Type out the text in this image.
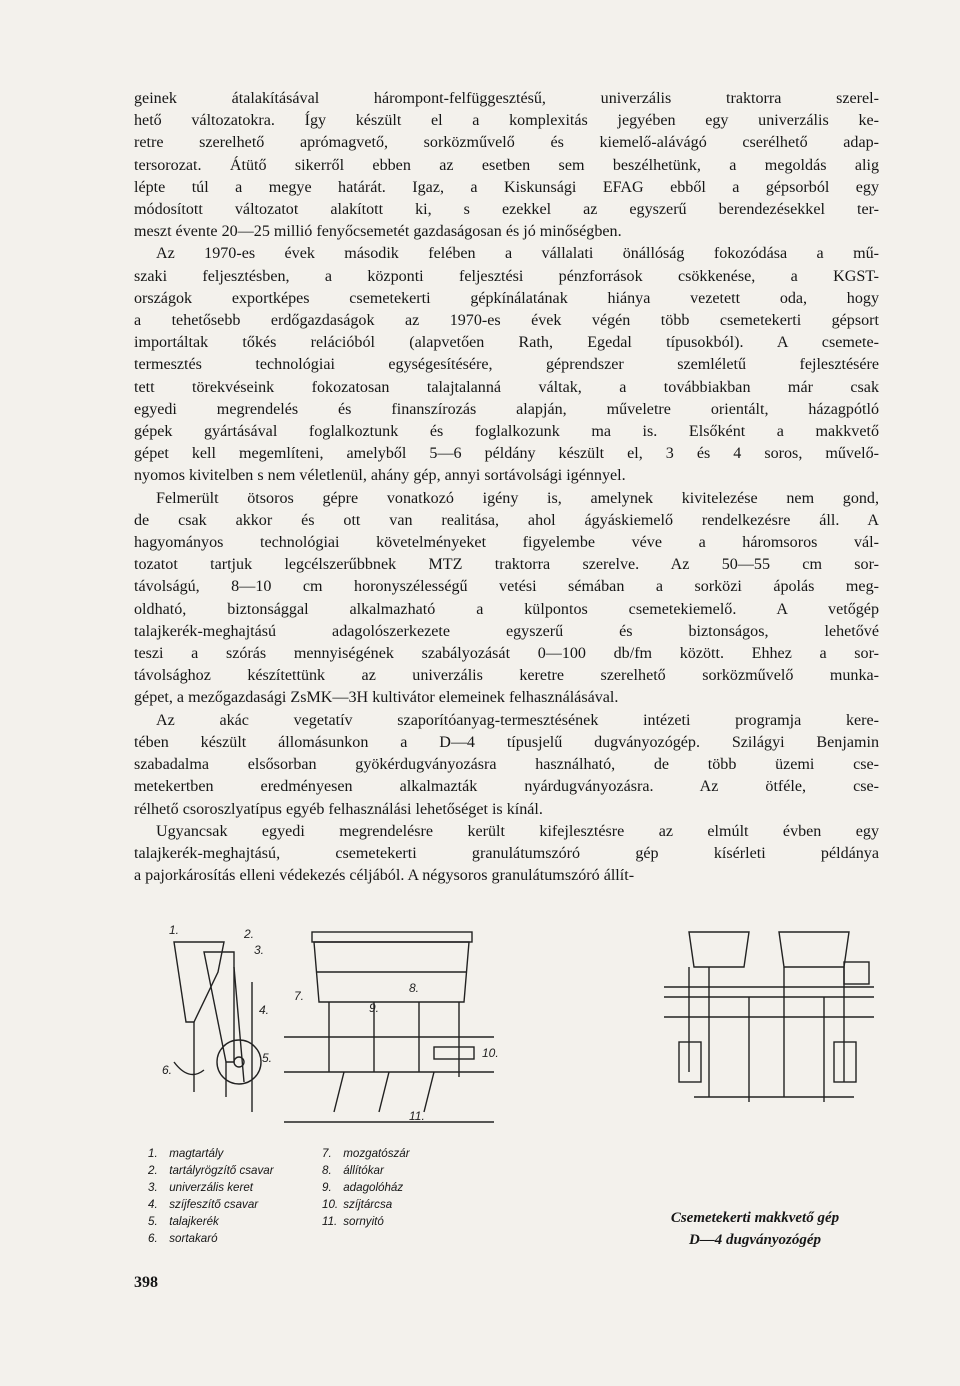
geinek átalakításával hárompont-felfüggesztésű, univerzális traktorra szerel-
hető változatokra. Így készült el a komplexitás jegyében egy univerzális ke-
retre szerelhető aprómagvető, sorközművelő és kiemelő-alávágó cserélhető adap-
tersorozat. Átütő sikerről ebben az esetben sem beszélhetünk, a megoldás alig
lépte túl a megye határát. Igaz, a Kiskunsági EFAG ebből a gépsorból egy
módosított változatot alakított ki, s ezekkel az egyszerű berendezésekkel ter-
meszt évente 20—25 millió fenyőcsemetét gazdaságosan és jó minőségben.
Az 1970-es évek második felében a vállalati önállóság fokozódása a mű-
szaki feljesztésben, a központi feljesztési pénzforrások csökkenése, a KGST-
országok exportképes csemetekerti gépkínálatának hiánya vezetett oda, hogy
a tehetősebb erdőgazdaságok az 1970-es évek végén több csemetekerti gépsort
importáltak tőkés relációból (alapvetően Rath, Egedal típusokból). A csemete-
termesztés technológiai egységesítésére, géprendszer szemléletű fejlesztésére
tett törekvéseink fokozatosan talajtalanná váltak, a továbbiakban már csak
egyedi megrendelés és finanszírozás alapján, műveletre orientált, házagpótló
gépek gyártásával foglalkoztunk és foglalkozunk ma is. Elsőként a makkvető
gépet kell megemlíteni, amelyből 5—6 példány készült el, 3 és 4 soros, művelő-
nyomos kivitelben s nem véletlenül, ahány gép, annyi sortávolsági igénnyel.
Felmerült ötsoros gépre vonatkozó igény is, amelynek kivitelezése nem gond,
de csak akkor és ott van realitása, ahol ágyáskiemelő rendelkezésre áll. A
hagyományos technológiai követelményeket figyelembe véve a háromsoros vál-
tozatot tartjuk legcélszerűbbnek MTZ traktorra szerelve. Az 50—55 cm sor-
távolságú, 8—10 cm horonyszélességű vetési sémában a sorközi ápolás meg-
oldható, biztonsággal alkalmazható a külpontos csemetekiemelő. A vetőgép
talajkerék-meghajtású adagolószerkezete egyszerű és biztonságos, lehetővé
teszi a szórás mennyiségének szabályozását 0—100 db/fm között. Ehhez a sor-
távolsághoz készítettünk az univerzális keretre szerelhető sorközművelő munka-
gépet, a mezőgazdasági ZsMK—3H kultivátor elemeinek felhasználásával.
Az akác vegetatív szaporítóanyag-termesztésének intézeti programja kere-
tében készült állomásunkon a D—4 típusjelű dugványozógép. Szilágyi Benjamin
szabadalma elsősorban gyökérdugványozásra használható, de több üzemi cse-
metekertben eredményesen alkalmazták nyárdugványozásra. Az ötféle, cse-
rélhető csoroszlyatípus egyéb felhasználási lehetőséget is kínál.
Ugyancsak egyedi megrendelésre került kifejlesztésre az elmúlt évben egy
talajkerék-meghajtású, csemetekerti granulátumszóró gép kísérleti példánya
a pajorkárosítás elleni védekezés céljából. A négysoros granulátumszóró állít-
1.	2.
3.
4.
5.
6.
7.
8.
9.
10.
11.
1. magtartály
2. tartályrögzítő csavar
3. univerzális keret
4. szíjfeszítő csavar
5. talajkerék
6. sortakaró
7. mozgatószár
8. állítókar
9. adagolóház
10. szíjtárcsa
11. sornyitó	Csemetekerti makkvető gép
D—4 dugványozógép
398
